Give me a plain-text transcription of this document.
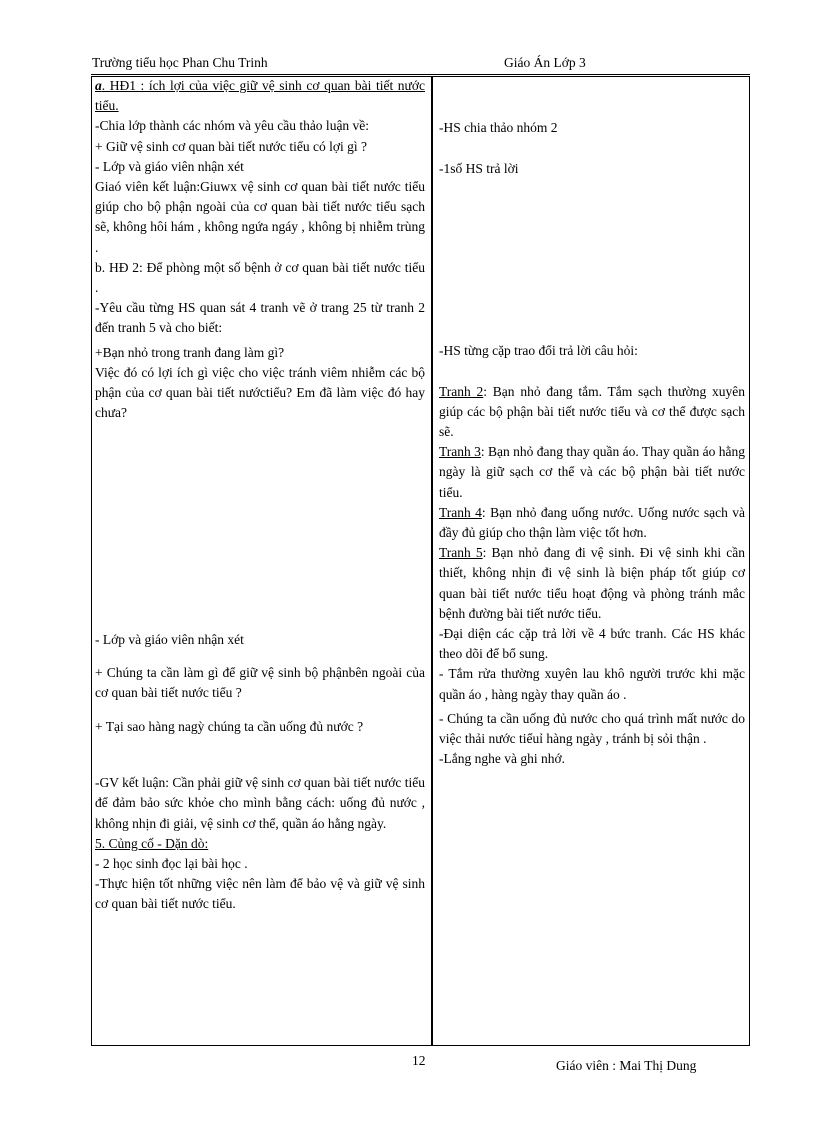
Trường tiểu học Phan Chu Trinh	Giáo Án Lớp 3

a. HĐ1 : ích lợi của việc giữ vệ sinh cơ quan bài tiết nước tiểu.

-Chia lớp thành các nhóm và yêu cầu thảo luận về:

+ Giữ vệ sinh cơ quan bài tiết nước tiểu có lợi gì ?

- Lớp và giáo viên nhận xét

Giaó viên kết luận:Giuwx vệ sinh cơ quan bài tiết nước tiểu giúp cho bộ phận ngoài của cơ quan bài tiết nước tiểu sạch sẽ, không hôi hám , không ngứa ngáy , không bị nhiễm trùng .

b. HĐ 2: Để phòng một số bệnh ở cơ quan bài tiết nước tiểu .

-Yêu cầu từng HS quan sát 4 tranh vẽ ở trang 25 từ tranh 2 đến tranh 5 và cho biết:

+Bạn nhỏ trong tranh đang làm gì?

Việc đó có lợi ích gì việc cho việc tránh viêm nhiễm các bộ phận của cơ quan bài tiết nướctiểu? Em đã làm việc đó hay chưa?

- Lớp và giáo viên nhận xét

+ Chúng ta cần làm gì để giữ vệ sinh bộ phậnbên ngoài của cơ quan bài tiết nước tiểu ?

+ Tại sao hàng nagỳ chúng ta cần uống đủ nước ?

-GV kết luận: Cần phải giữ vệ sinh cơ quan bài tiết nước tiểu để đảm bảo sức khỏe cho mình bằng cách: uống đủ nước , không nhịn đi giải, vệ sinh cơ thể, quần áo hằng ngày.

5. Củng cố - Dặn dò:

- 2 học sinh đọc lại bài học .

-Thực hiện tốt những việc nên làm để bảo vệ và giữ vệ sinh cơ quan bài tiết nước tiểu.

-HS chia thảo nhóm 2

-1số HS trả lời

-HS từng cặp trao đổi trả lời câu hỏi:

Tranh 2: Bạn nhỏ đang tắm. Tắm sạch thường xuyên giúp các bộ phận bài tiết nước tiểu và cơ thể được sạch sẽ.

Tranh 3: Bạn nhỏ đang thay quần áo. Thay quần áo hằng ngày là giữ sạch cơ thể và các bộ phận bài tiết nước tiểu.

Tranh 4: Bạn nhỏ đang uống nước. Uống nước sạch và đầy đủ giúp cho thận làm việc tốt hơn.

Tranh 5: Bạn nhỏ đang đi vệ sinh. Đi vệ sinh khi cần thiết, không nhịn đi vệ sinh là biện pháp tốt giúp cơ quan bài tiết nước tiểu hoạt động và phòng tránh mắc bệnh đường bài tiết nước tiểu.

-Đại diện các cặp trả lời về 4 bức tranh. Các HS khác theo dõi để bổ sung.

- Tắm rửa thường xuyên lau khô người trước khi mặc quần áo , hàng ngày thay quần áo .

- Chúng ta cần uống đủ nước cho quá trình mất nước do việc thải nước tiểuỉ hàng ngày , tránh bị sỏi thận .

-Lắng nghe và ghi nhớ.

12	Giáo viên : Mai Thị Dung
